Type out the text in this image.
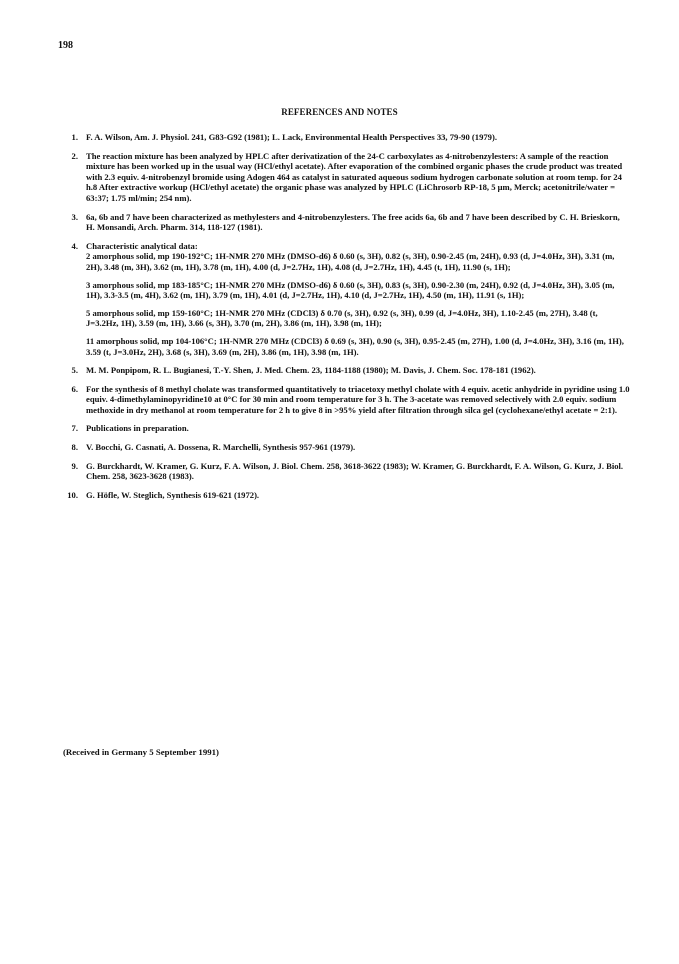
198
REFERENCES AND NOTES
1. F. A. Wilson, Am. J. Physiol. 241, G83-G92 (1981); L. Lack, Environmental Health Perspectives 33, 79-90 (1979).
2. The reaction mixture has been analyzed by HPLC after derivatization of the 24-C carboxylates as 4-nitrobenzylesters: A sample of the reaction mixture has been worked up in the usual way (HCl/ethyl acetate). After evaporation of the combined organic phases the crude product was treated with 2.3 equiv. 4-nitrobenzyl bromide using Adogen 464 as catalyst in saturated aqueous sodium hydrogen carbonate solution at room temp. for 24 h.8 After extractive workup (HCl/ethyl acetate) the organic phase was analyzed by HPLC (LiChrosorb RP-18, 5 μm, Merck; acetonitrile/water = 63:37; 1.75 ml/min; 254 nm).
3. 6a, 6b and 7 have been characterized as methylesters and 4-nitrobenzylesters. The free acids 6a, 6b and 7 have been described by C. H. Brieskorn, H. Monsandi, Arch. Pharm. 314, 118-127 (1981).
4. Characteristic analytical data:
2 amorphous solid, mp 190-192°C; 1H-NMR 270 MHz (DMSO-d6) δ 0.60 (s, 3H), 0.82 (s, 3H), 0.90-2.45 (m, 24H), 0.93 (d, J=4.0Hz, 3H), 3.31 (m, 2H), 3.48 (m, 3H), 3.62 (m, 1H), 3.78 (m, 1H), 4.00 (d, J=2.7Hz, 1H), 4.08 (d, J=2.7Hz, 1H), 4.45 (t, 1H), 11.90 (s, 1H);
3 amorphous solid, mp 183-185°C; 1H-NMR 270 MHz (DMSO-d6) δ 0.60 (s, 3H), 0.83 (s, 3H), 0.90-2.30 (m, 24H), 0.92 (d, J=4.0Hz, 3H), 3.05 (m, 1H), 3.3-3.5 (m, 4H), 3.62 (m, 1H), 3.79 (m, 1H), 4.01 (d, J=2.7Hz, 1H), 4.10 (d, J=2.7Hz, 1H), 4.50 (m, 1H), 11.91 (s, 1H);
5 amorphous solid, mp 159-160°C; 1H-NMR 270 MHz (CDCl3) δ 0.70 (s, 3H), 0.92 (s, 3H), 0.99 (d, J=4.0Hz, 3H), 1.10-2.45 (m, 27H), 3.48 (t, J=3.2Hz, 1H), 3.59 (m, 1H), 3.66 (s, 3H), 3.70 (m, 2H), 3.86 (m, 1H), 3.98 (m, 1H);
11 amorphous solid, mp 104-106°C; 1H-NMR 270 MHz (CDCl3) δ 0.69 (s, 3H), 0.90 (s, 3H), 0.95-2.45 (m, 27H), 1.00 (d, J=4.0Hz, 3H), 3.16 (m, 1H), 3.59 (t, J=3.0Hz, 2H), 3.68 (s, 3H), 3.69 (m, 2H), 3.86 (m, 1H), 3.98 (m, 1H).
5. M. M. Ponpipom, R. L. Bugianesi, T.-Y. Shen, J. Med. Chem. 23, 1184-1188 (1980); M. Davis, J. Chem. Soc. 178-181 (1962).
6. For the synthesis of 8 methyl cholate was transformed quantitatively to triacetoxy methyl cholate with 4 equiv. acetic anhydride in pyridine using 1.0 equiv. 4-dimethylaminopyridine10 at 0°C for 30 min and room temperature for 3 h. The 3-acetate was removed selectively with 2.0 equiv. sodium methoxide in dry methanol at room temperature for 2 h to give 8 in >95% yield after filtration through silca gel (cyclohexane/ethyl acetate = 2:1).
7. Publications in preparation.
8. V. Bocchi, G. Casnati, A. Dossena, R. Marchelli, Synthesis 957-961 (1979).
9. G. Burckhardt, W. Kramer, G. Kurz, F. A. Wilson, J. Biol. Chem. 258, 3618-3622 (1983); W. Kramer, G. Burckhardt, F. A. Wilson, G. Kurz, J. Biol. Chem. 258, 3623-3628 (1983).
10. G. Höfle, W. Steglich, Synthesis 619-621 (1972).
(Received in Germany 5 September 1991)
